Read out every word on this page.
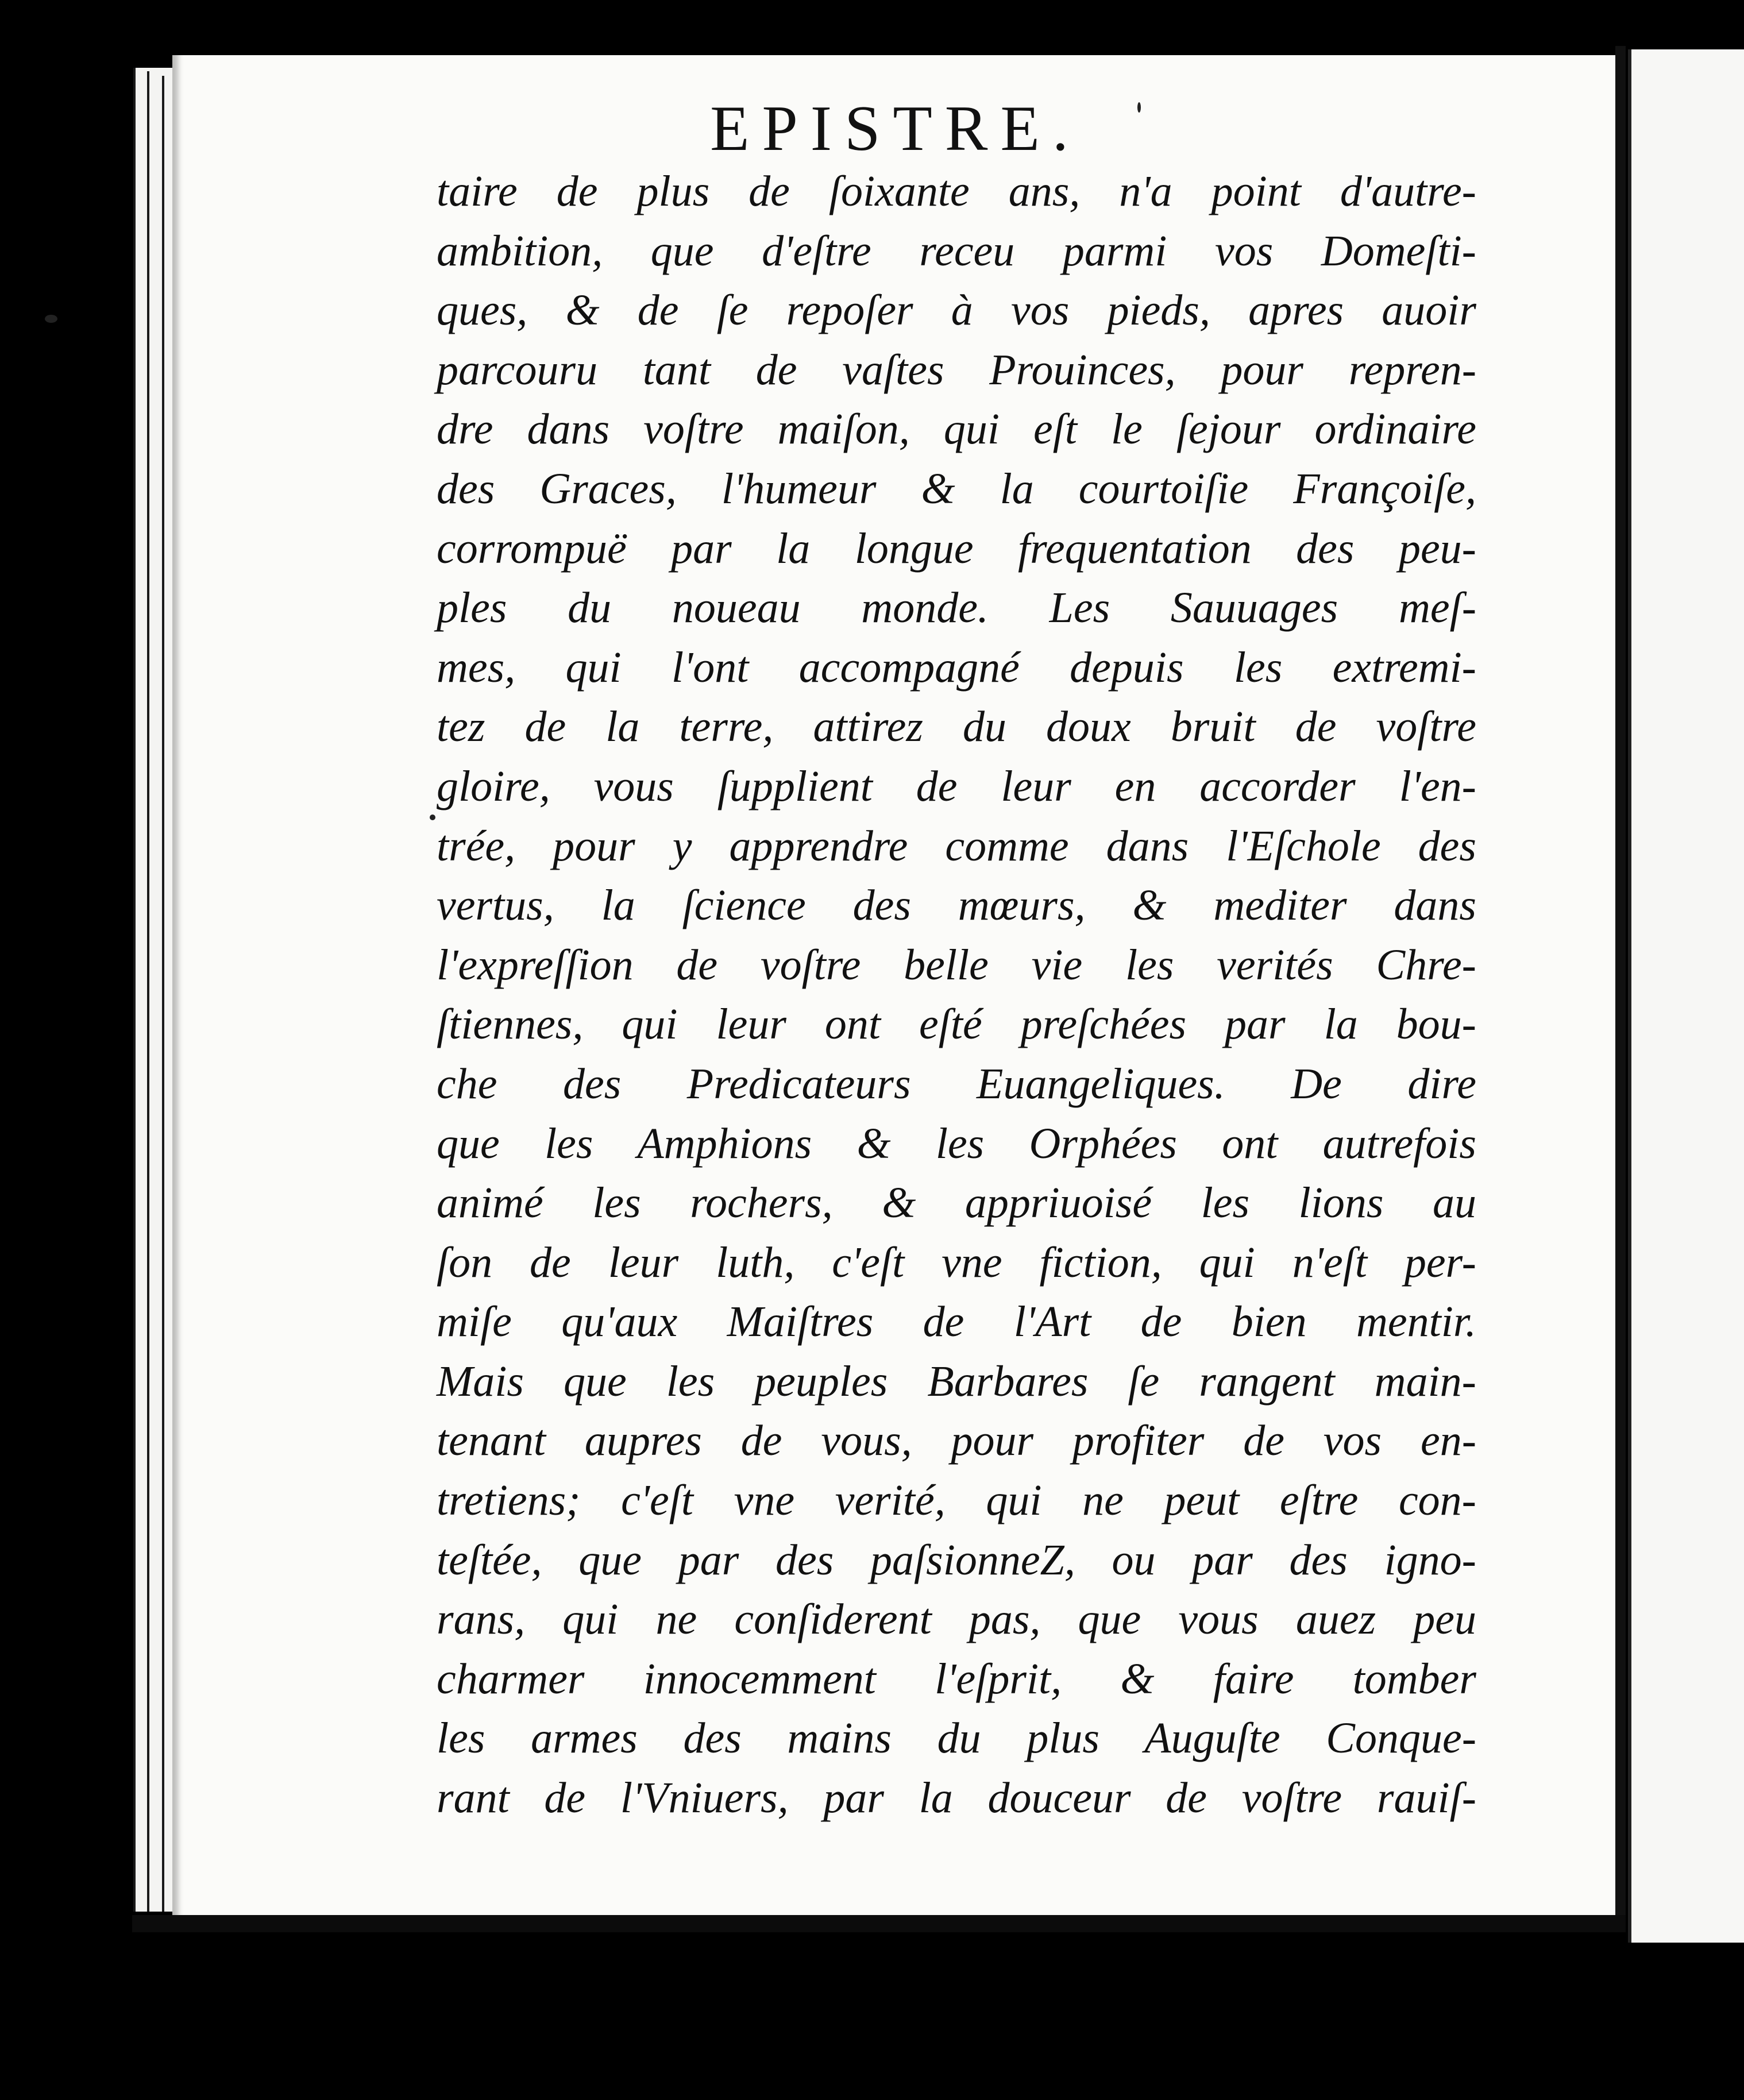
EPISTRE.
taire de plus de ſoixante ans, n'a point d'autre-
ambition, que d'eſtre receu parmi vos Domeſti-
ques, & de ſe repoſer à vos pieds, apres auoir
parcouru tant de vaſtes Prouinces, pour repren-
dre dans voſtre maiſon, qui eſt le ſejour ordinaire
des Graces, l'humeur & la courtoiſie Françoiſe,
corrompuë par la longue frequentation des peu-
ples du noueau monde. Les Sauuages meſ-
mes, qui l'ont accompagné depuis les extremi-
tez de la terre, attirez du doux bruit de voſtre
gloire, vous ſupplient de leur en accorder l'en-
trée, pour y apprendre comme dans l'Eſchole des
vertus, la ſcience des mœurs, & mediter dans
l'expreſſion de voſtre belle vie les verités Chre-
ſtiennes, qui leur ont eſté preſchées par la bou-
che des Predicateurs Euangeliques. De dire
que les Amphions & les Orphées ont autrefois
animé les rochers, & appriuoisé les lions au
ſon de leur luth, c'eſt vne fiction, qui n'eſt per-
miſe qu'aux Maiſtres de l'Art de bien mentir.
Mais que les peuples Barbares ſe rangent main-
tenant aupres de vous, pour profiter de vos en-
tretiens; c'eſt vne verité, qui ne peut eſtre con-
teſtée, que par des paſsionneZ, ou par des igno-
rans, qui ne conſiderent pas, que vous auez peu
charmer innocemment l'eſprit, & faire tomber
les armes des mains du plus Auguſte Conque-
rant de l'Vniuers, par la douceur de voſtre rauiſ-
